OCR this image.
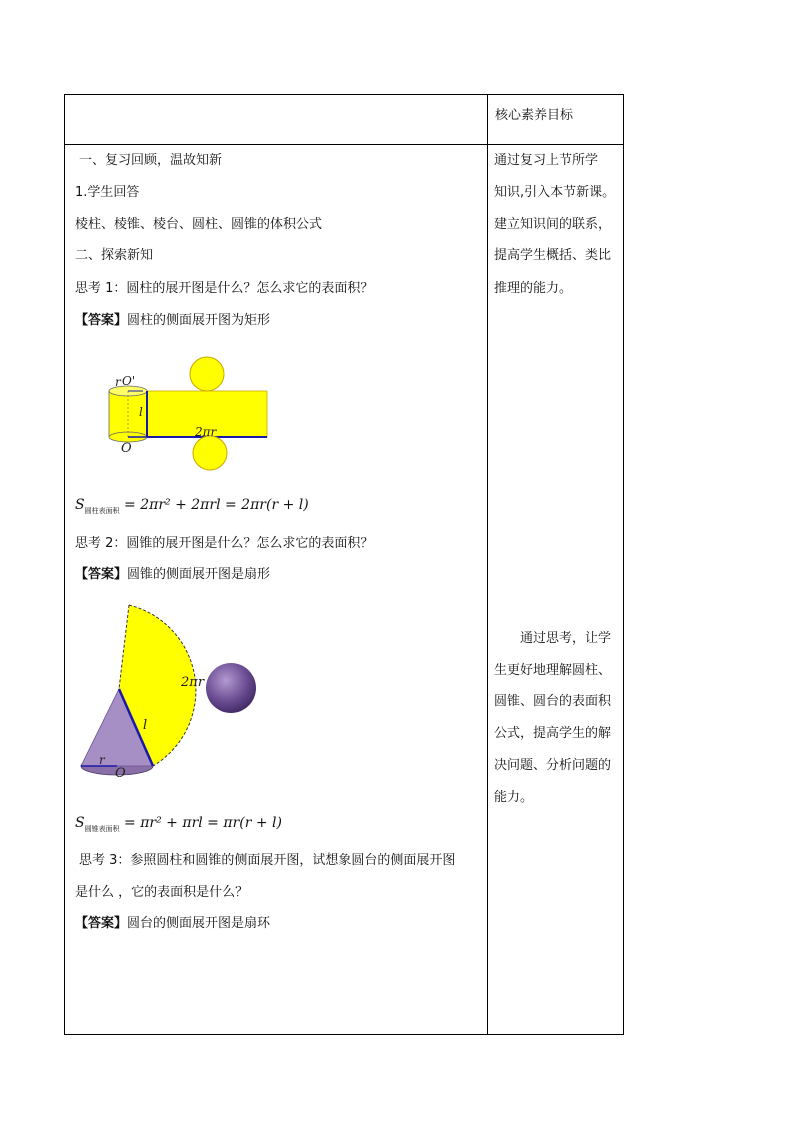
核心素养目标
一、复习回顾，温故知新
1.学生回答
棱柱、棱锥、棱台、圆柱、圆锥的体积公式
二、探索新知
思考 1：圆柱的展开图是什么？怎么求它的表面积？
【答案】圆柱的侧面展开图为矩形
r O'
l
2πr
O
$S_{圆柱表面积} = 2\pi r^2 + 2\pi rl = 2\pi r(r + l)$
思考 2：圆锥的展开图是什么？怎么求它的表面积？
【答案】圆锥的侧面展开图是扇形
2πr
l
r
O
$S_{圆锥表面积} = \pi r^2 + \pi rl = \pi r(r + l)$
思考 3：参照圆柱和圆锥的侧面展开图，试想象圆台的侧面展开图
是什么 ，它的表面积是什么？
【答案】圆台的侧面展开图是扇环
通过复习上节所学
知识,引入本节新课。
建立知识间的联系，
提高学生概括、类比
推理的能力。
通过思考，让学
生更好地理解圆柱、
圆锥、圆台的表面积
公式，提高学生的解
决问题、分析问题的
能力。
